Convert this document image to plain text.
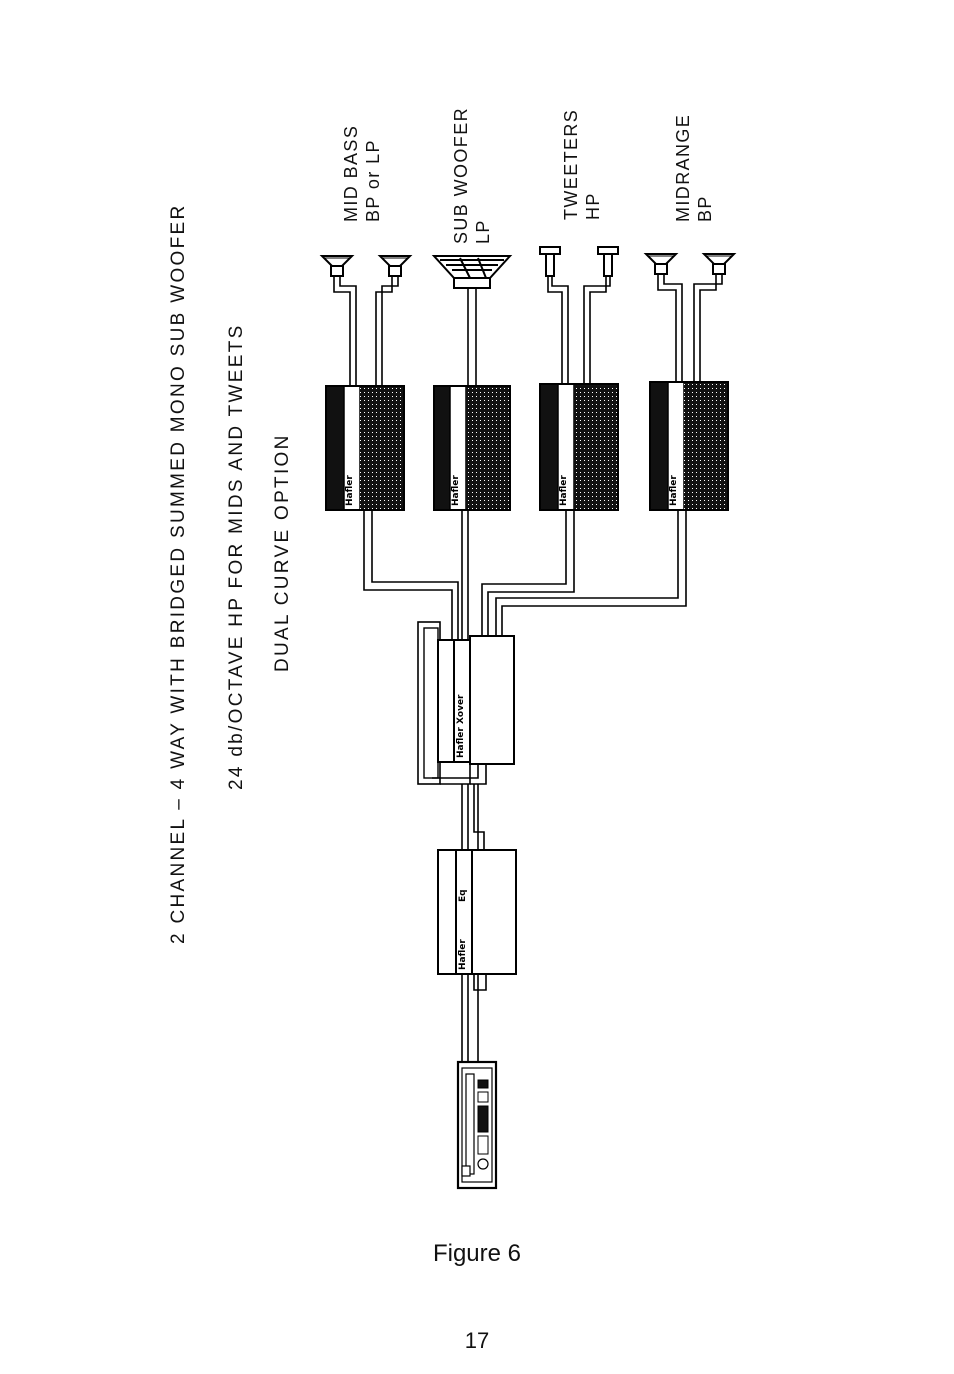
2 CHANNEL – 4 WAY WITH BRIDGED SUMMED MONO SUB WOOFER 24 db/OCTAVE HP FOR MIDS AND TWEETS DUAL CURVE OPTION
MID BASS BP or LP	SUB WOOFER LP
TWEETERS HP	MIDRANGE BP
Hafler	Hafler	Hafler	Hafler
Hafler Xover
Hafler
Eq
Figure 6
17
